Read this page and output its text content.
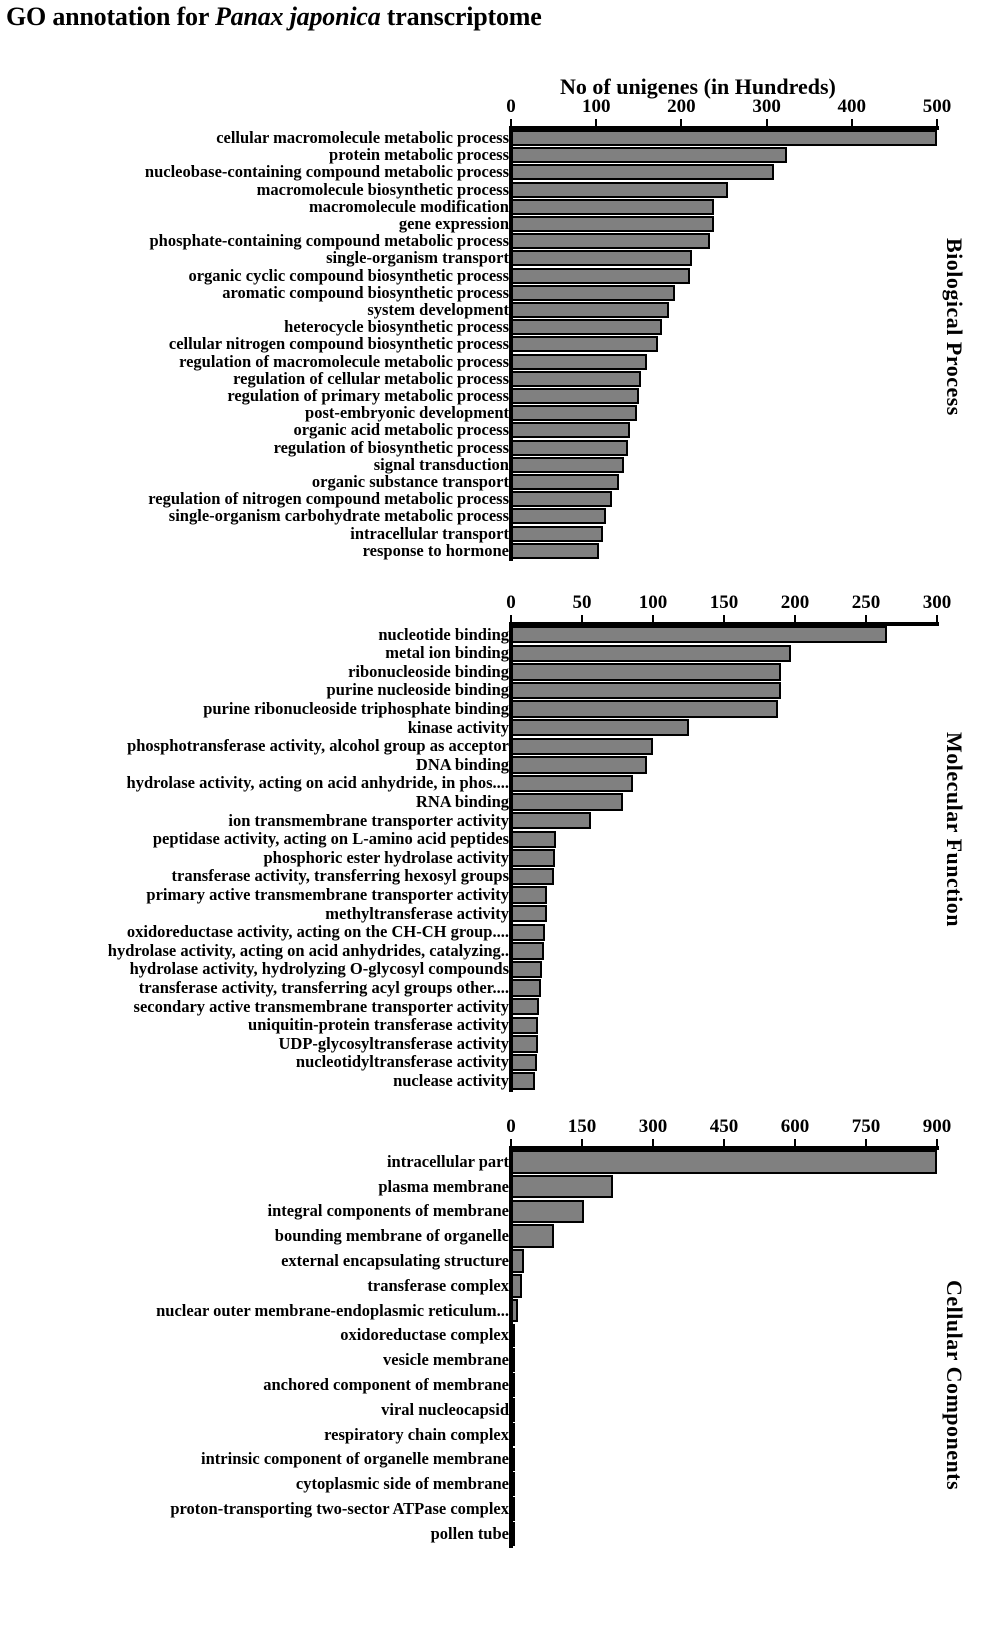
GO annotation for Panax japonica transcriptome
No of unigenes (in Hundreds)
0	100	200	300	400	500
cellular macromolecule metabolic process
protein metabolic process
nucleobase-containing compound metabolic process
macromolecule biosynthetic process
macromolecule modification
gene expression
phosphate-containing compound metabolic process
single-organism transport
organic cyclic compound biosynthetic process
aromatic compound biosynthetic process
system development
heterocycle biosynthetic process
cellular nitrogen compound biosynthetic process
regulation of macromolecule metabolic process
regulation of cellular metabolic process
regulation of primary metabolic process
post-embryonic development
organic acid metabolic process
regulation of biosynthetic process
signal transduction
organic substance transport
regulation of nitrogen compound metabolic process
single-organism carbohydrate metabolic process
intracellular transport
response to hormone
0	50 100 150 200 250 300
nucleotide binding
metal ion binding
ribonucleoside binding
purine nucleoside binding
purine ribonucleoside triphosphate binding
kinase activity
phosphotransferase activity, alcohol group as acceptor
DNA binding
hydrolase activity, acting on acid anhydride, in phos....
RNA binding
ion transmembrane transporter activity
peptidase activity, acting on L-amino acid peptides
phosphoric ester hydrolase activity
transferase activity, transferring hexosyl groups
primary active transmembrane transporter activity
methyltransferase activity
oxidoreductase activity, acting on the CH-CH group....
hydrolase activity, acting on acid anhydrides, catalyzing..
hydrolase activity, hydrolyzing O-glycosyl compounds
transferase activity, transferring acyl groups other....
secondary active transmembrane transporter activity
uniquitin-protein transferase activity
UDP-glycosyltransferase activity
nucleotidyltransferase activity
nuclease activity
0	150 300 450 600 750 900
intracellular part
plasma membrane
integral components of membrane
bounding membrane of organelle
external encapsulating structure
transferase complex
nuclear outer membrane-endoplasmic reticulum...
oxidoreductase complex
vesicle membrane
anchored component of membrane
viral nucleocapsid
respiratory chain complex
intrinsic component of organelle membrane
cytoplasmic side of membrane
proton-transporting two-sector ATPase complex
pollen tube
Biological Process
Molecular Function
Cellular Components
